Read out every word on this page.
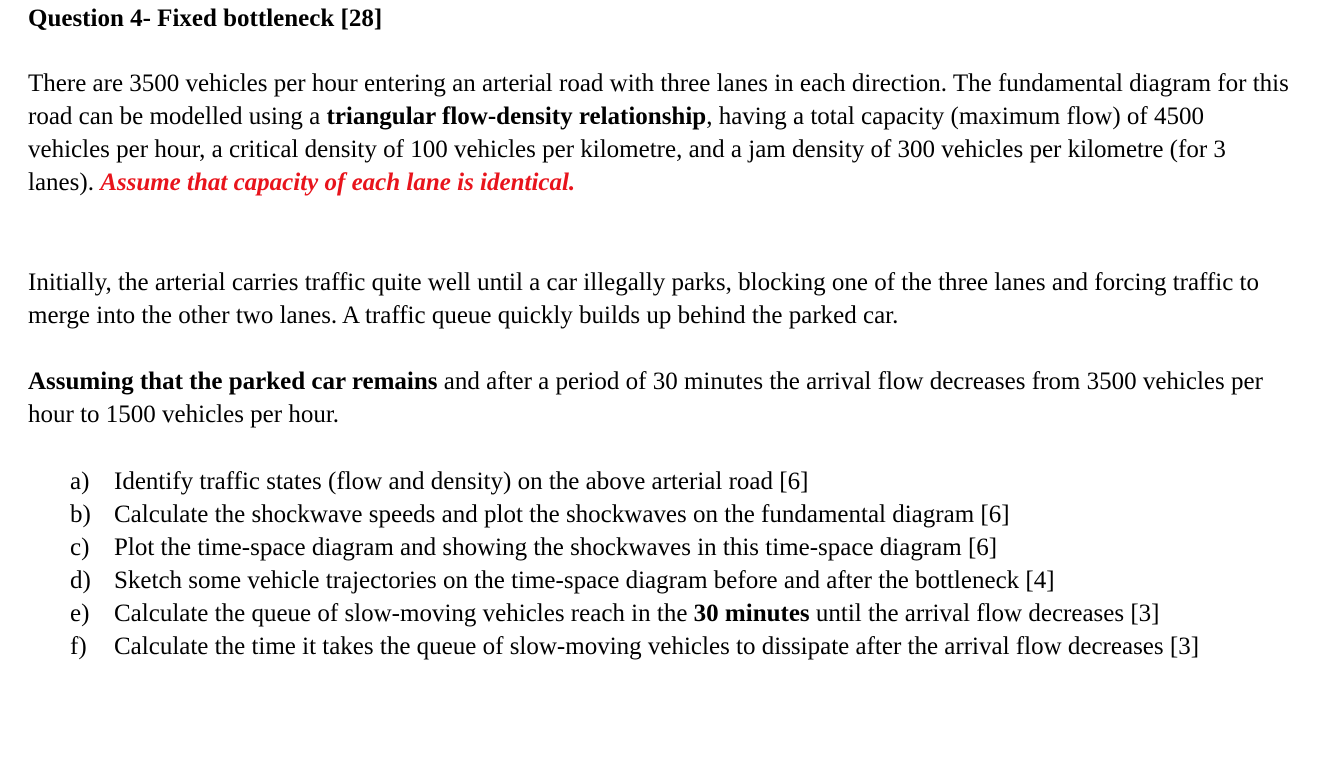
Question 4- Fixed bottleneck [28]

There are 3500 vehicles per hour entering an arterial road with three lanes in each direction. The fundamental diagram for this road can be modelled using a triangular flow-density relationship, having a total capacity (maximum flow) of 4500 vehicles per hour, a critical density of 100 vehicles per kilometre, and a jam density of 300 vehicles per kilometre (for 3 lanes). Assume that capacity of each lane is identical.

Initially, the arterial carries traffic quite well until a car illegally parks, blocking one of the three lanes and forcing traffic to merge into the other two lanes. A traffic queue quickly builds up behind the parked car.

Assuming that the parked car remains and after a period of 30 minutes the arrival flow decreases from 3500 vehicles per hour to 1500 vehicles per hour.

a) Identify traffic states (flow and density) on the above arterial road [6]
b) Calculate the shockwave speeds and plot the shockwaves on the fundamental diagram [6]
c) Plot the time-space diagram and showing the shockwaves in this time-space diagram [6]
d) Sketch some vehicle trajectories on the time-space diagram before and after the bottleneck [4]
e) Calculate the queue of slow-moving vehicles reach in the 30 minutes until the arrival flow decreases [3]
f)	Calculate the time it takes the queue of slow-moving vehicles to dissipate after the arrival flow decreases [3]
